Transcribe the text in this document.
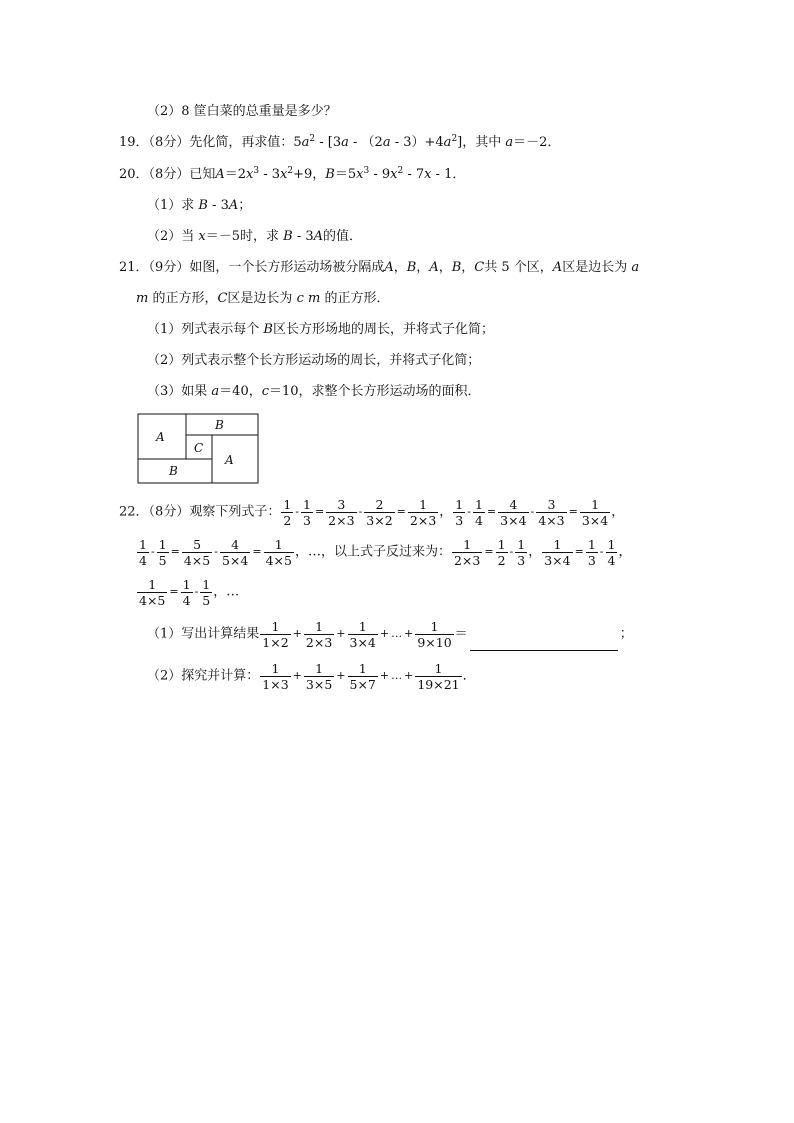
（2）8 筐白菜的总重量是多少？
19．（8分）先化简，再求值：$5a^2 - [3a - (2a - 3)+4a^2]$，其中 a＝－2．
20．（8分）已知$A=2x^3 - 3x^2+9$，$B=5x^3 - 9x^2 - 7x - 1$．
（1）求 B - 3A；
（2）当 x＝－5时，求 B - 3A的值．
21．（9分）如图，一个长方形运动场被分隔成A，B，A，B，C共 5 个区，A区是边长为 a
m 的正方形，C区是边长为 c m 的正方形．
（1）列式表示每个 B区长方形场地的周长，并将式子化简；
（2）列式表示整个长方形运动场的周长，并将式子化简；
（3）如果 a＝40，c＝10，求整个长方形运动场的面积．
A
B
C
A
B
22．（8分）观察下列式子： $\frac{1}{2} - \frac{1}{3} = \frac{3}{2\times 3} - \frac{2}{3\times 2} = \frac{1}{2\times 3}$ ， $\frac{1}{3} - \frac{1}{4} = \frac{4}{3\times 4} - \frac{3}{4\times 3} = \frac{1}{3\times 4}$ ，
$\frac{1}{4} - \frac{1}{5} = \frac{5}{4\times 5} - \frac{4}{5\times 4} = \frac{1}{4\times 5}$ ，…，以上式子反过来为： $\frac{1}{2\times 3} = \frac{1}{2} - \frac{1}{3}$ ， $\frac{1}{3\times 4} = \frac{1}{3} - \frac{1}{4}$ ，
$\frac{1}{4\times 5} = \frac{1}{4} - \frac{1}{5}$ ，…
（1）写出计算结果 $\frac{1}{1\times 2} + \frac{1}{2\times 3} + \frac{1}{3\times 4}$ + … + $\frac{1}{9\times 10}$ ＝	；
（2）探究并计算： $\frac{1}{1\times 3} + \frac{1}{3\times 5} + \frac{1}{5\times 7}$ + … + $\frac{1}{19\times 21}$ ．
